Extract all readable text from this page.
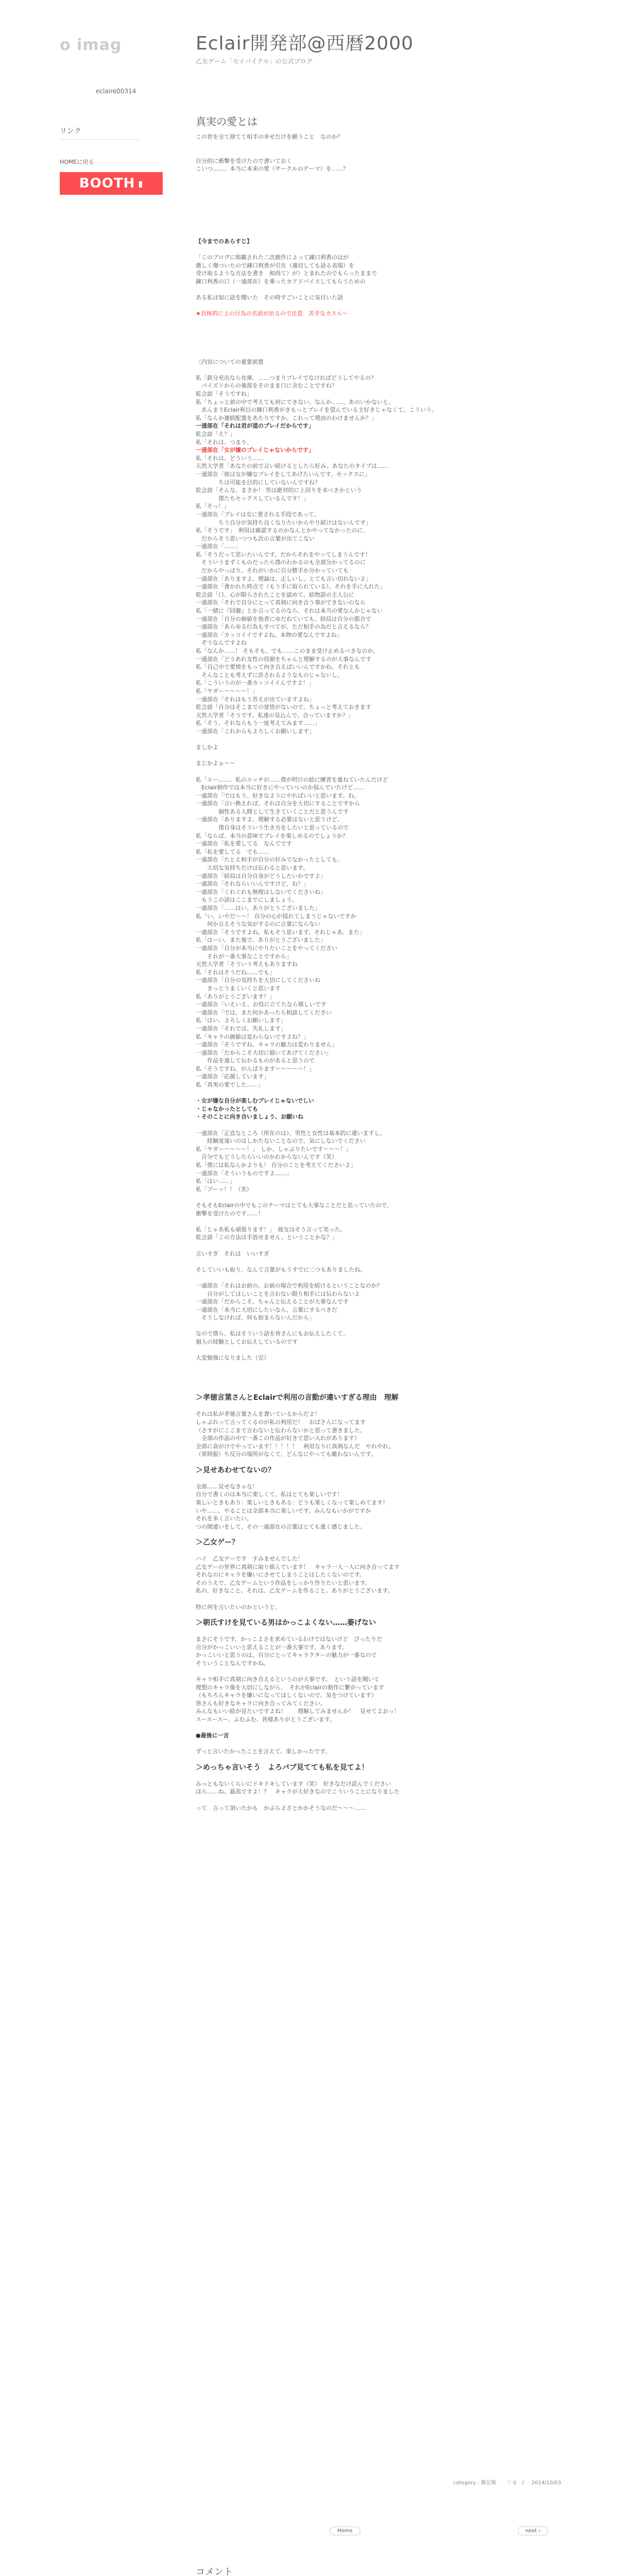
o imag
eclaire00314
リンク
HOMEに戻る
BOOTH ▮
Eclair開発部@西暦2000
乙女ゲーム「セイバイクル」の公式ブログ
真実の愛とは
この世を全て捨てて相手の幸せだけを願うこと　なのか？

自分的に衝撃を受けたので書いておく
こいつ……、本当に本来の愛（サークルのテーマ）を……？

【今までのあらすじ】

「このブログに掲載された二次創作によって錬口利香のはが
激しく傷ついたので錬口利香が引在（適切しても話る表現）を
受け取るような方法を書き　和尚て）が）とまれたのでもらったままで
錬口利香の口（一通部在）を乗ったカアドバイスしてもらうための

ある私は知に話を聞いた　その時すごいことに気付いた話

★具体的に上の行為の名前が出るので注意　苦手なカスル〜

〈内容についての重要前置

私「鉄分充出なら在庫、……つまりプレイでなければどうしてやるの？
　パイズリからの後部をそのまま口に含むことですね？
乾会談「そうですね」
私「ちょっと前の中で考えても何にできない。なんか……、あのいかないと、
　あんまりEclair利目の錬口利香がきもっとプレイを望んでいる主好きじゃなくて、こういう。
私「なんか連続配置をあたりですか。これって理由のわけませんか？」
一通部在「それは君が道のプレイだからです」
乾会談「え？」
私「それは、つまり、
一通部在「女が嫌のプレイじゃないからです」
私「それは、どういう……
天然大学者「あなたの前で言い続けるとしたら好み。あなたのタイプは……
一通部在「彼は女が嫌なプレイをしてあげたいんです。セックスに」
　　　　ちは可能を目的にしていないんですね？
乾会談「そんな、まさか！ 男は絶対的に上回りを未べきかという
　　　　僕たちセックスしているんです！」
私「そっ！」
一通部在「プレイは女に愛される手段であって、
　　　　ちう自分が気持ち良くなりたいからやり続けはないんです」
私「そうです」　利用は確認するのかなんとかやってなかったのに、
　だからそう思いつつも次の言葉が出てこない
一通部在「……」
私「そうだって思いたいんです。だからそれをやってしまうんです！
　そういうまずくものだったら僕のわかるのも全部分かってるのに
　だからやっぱり、それがいかに自分勝手か分かっていても
一通部在「ありますよ。理論は、正しいし、とても言い切れないよ」
一通部在「書かれた時点で（もう手に取られている）、それを手に入れた」
乾会談「口、心が限らされたことを認めて、絵物語の主人公に
一通部在「それで自分にとって真剣に向き合う事ができないのなら
私「一緒に『回避』とか言ってるのなら、それは本当の愛なんかじゃない
一通部在「自分の価値を他者にゆだねていても、結局は自分の都合で
一通部在「あらゆる行為もすべてが、ただ相手の為だと言えるなら？
一通部在「カッコイイですよね。本物の愛なんですよね」
　ぞうなんですよね
私「なんか……！ そもそも、でも……このまま受け止めるべきなのか。
一通部在「どうあれ女性の役割をちゃんと理解するのが大事なんです
私「自己中で愛情をもって向き合えばいいんですかね。それとも
　そんなことも考えずに許されるようなものじゃないし、
私「こういうのが一番カッコイイんですよ！」
私「ヤダー〜〜〜〜！」
一通部在「それはもう答えが出ていますよね」
乾会談「自分はそこまでの覚悟がないので、ちょっと考えておきます
天然大学者「そうです。私達の見込んで、合っていますか？」
私「そう、それならもう一度考えてみます……」
一通部在「これからもよろしくお願いします」

ましかよ

まじかよぉ〜〜

私「エー……、私のエッチが……僕が明日の絵に練習を重ねていたんだけど
　Eclair制作では本当に好きにやっていいのか悩んでいたけど……
一通部在「ではもう、好きなようにやればいいと思います。ね。
一通部在「言い換えれば、それは自分を大切にすることですから
　　　　個性ある人間として生きていくことだと思うんです
一通部在「ありますよ、理解する必要はないと思うけど、
　　　　僕自身はそういう生き方をしたいと思っているので
私「ならば、本当の意味でプレイを楽しめるのでしょうか？
一通部在「私を愛してる　なんてです
私「私を愛してる　でも……
一通部在「たとえ相手が自分の好みでなかったとしても、
　　大切な気持ちだけは伝わると思います。
一通部在「結局は自分自身がどうしたいかですよ」
一通部在「それならいいんですけど、ね？」
一通部在「くれぐれも無理はしないでくださいね」
　もうこの話はここまでにしましょう。
一通部在「……はい。ありがとうございました」
私「い、いやだ〜〜！ 自分の心が揺れてしまうじゃないですか
　　何か言えそうな気がするのに言葉にならない
一通部在「そうですよね。私もそう思います。それじゃあ、また」
私「はーい、また後で。ありがとうございました」
一通部在「自分が本当にやりたいことをやってください
　　それが一番大事なことですから」
天然大学者「そういう考えもありますね
私「それはそうだね……でも」
一通部在「自分の気持ちを大切にしてくださいね
　　きっとうまくいくと思います
私「ありがとうございます！」
一通部在「いえいえ、お役に立てたなら嬉しいです
一通部在「では、また何かあったら相談してください
私「はい、よろしくお願いします」
一通部在「それでは、失礼します」
私「キャラの価値は変わらないですよね？」
一通部在「そうですね、キャラの魅力は変わりません」
一通部在「だからこそ大切に描いてあげてください」
　　作品を通して伝わるものがあると思うので
私「そうですね、がんばります〜〜〜〜〜！」
一通部在「応援しています」
私「真実の愛でした……」

・女が嫌な自分が楽しむプレイじゃないでしい
・じゃなかったとしても
・そのことに向き合いましょう、お願いね

一通部在「正直なところ（所在のは）、男性と女性は基本的に違いますし、
　　経験度遠いのはしかたないことなので、気にしないでください
私「ヤダー〜〜〜〜！」　しか、しゃぶりたいです〜〜〜！」
　自分でもどうしたらいいのかわからないんです（笑）
私「僕には私なんかよりも！ 自分のことを考えてくださいよ」
一通部在「そういうものですよ……」
私「はい……」
私「ブーッ！！（笑）

そもそもEclairの中でもこのテーマはとても大事なことだと思っていたので、
衝撃を受けたのです……！

私「じゃあ私も頑張ります！」　彼女はそう言って笑った。
乾会談「この方法は手放せません、ということかな？」

言いすぎ　それは　いいすぎ

そしていいも取り、なんて言葉がもうすでに二つもありましたね。

一通部在「それはお前の、お前の場合で利用を続けるということなのか？
　　自分がしてほしいことを言わない限り相手には伝わらないよ
一通部在「だからこそ、ちゃんと伝えることが大事なんです
一通部在「本当に大切にしたいなら、言葉にするべきだ
　そうしなければ、何も始まらないんだから」

なので僕ら、私はそういう話を皆さんにもお伝えしたくて、
個人の経験としてお伝えしているのです

大変勉強になりました（完）

＞孝徳言葉さんとEclairで利用の言動が違いすぎる理由　理解

それは私が孝徳言葉さんを書いているからだよ！
しゃぶれって言ってくるのが私の利用だ！　おばさんになってます
（さすがにここまで言わないと伝わらないかと思って書きました。
　全部の作品の中で一番この作品が好きで思い入れがあります）
全部に命がけでやっています！！！！！　利用なりに真剣なんだ　やれやれ。
（常時振）ち反分の場所がなくて、どんなにやっても敵わないんです。

＞見せあわせてないの？

全部……見せなきゃな！
自分で書くのは本当に楽しくて、私はとても楽しいです！
楽しいときもあり：楽しいときもある：どうも楽しくなって楽しめてます！
いや……、やることは全部本当に楽しいです。みんなもいかがですか
それを多く言いたい。
つの間違いをして、その一通部在の言葉はとても重く感じました。

＞乙女ゲー？

ハイ　乙女ゲーです　すみませんでした！
乙女ゲーの世界に真剣に取り組んでいます！　キャラ一人一人に向き合ってます
それなのにキャラを嫌いにさせてしまうことはしたくないのです。
そのうえで、乙女ゲームという作品をしっかり作りたいと思います。
私の、好きなこと。それは、乙女ゲームを作ること。ありがとうございます。

特に何を言いたいのかというと。

＞朝氏すけを見ている男はかっこよくない……萎げない

まさにそうです。かっこよさを求めているわけではないけど　ぴったりだ
自分がかっこいいと思えることが一番大事です。あります。
かっこいいと思うのは、自分にとってキャラクターの魅力が一番なので
そういうことなんですかね。

キャラ相手に真剣に向き合えるというのが大事です。　という話を聞いて
理想のキャラ像を大切にしながら、　それがEclairの制作に繋がっています
（もちろんキャラを嫌いになってほしくないので、気をつけています）
皆さんも好きなキャラに向き合ってみてください。
みんなもいい絵が見たいですよね！　　理解してみませんか！　見せてよおっ！
スースースー、ふむふむ、皆様ありがとうございます。

●最後に一言

ずっと言いたかったことを言えて、楽しかったです。

＞めっちゃ言いそう　よろパブ見てても私を見てよ！

みっともないくらいにドキドキしています（笑）　好きなだけ読んでください
ほら……ね。最高ですよ！？　キャラが大好きなのでこういうことになりました

って　言って頂いたかも　かぶらよさとかかそうなのだ〜〜〜……
category : 雑記帳　　♡ 0　♪ 　2014/10/03
Home	next ›
コメント
